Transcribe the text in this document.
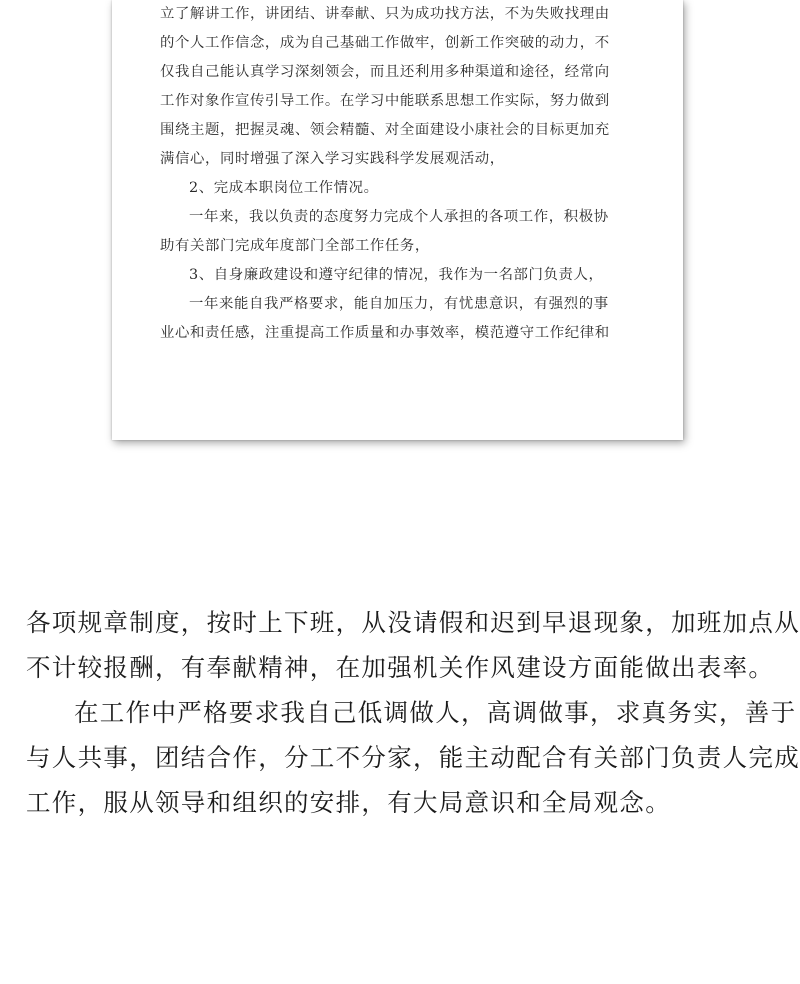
立了解讲工作，讲团结、讲奉献、只为成功找方法，不为失败找理由
的个人工作信念，成为自己基础工作做牢，创新工作突破的动力，不
仅我自己能认真学习深刻领会，而且还利用多种渠道和途径，经常向
工作对象作宣传引导工作。在学习中能联系思想工作实际，努力做到
围绕主题，把握灵魂、领会精髓、对全面建设小康社会的目标更加充
满信心，同时增强了深入学习实践科学发展观活动，
2、完成本职岗位工作情况。
一年来，我以负责的态度努力完成个人承担的各项工作，积极协
助有关部门完成年度部门全部工作任务，
3、自身廉政建设和遵守纪律的情况，我作为一名部门负责人，
一年来能自我严格要求，能自加压力，有忧患意识，有强烈的事
业心和责任感，注重提高工作质量和办事效率，模范遵守工作纪律和
各项规章制度，按时上下班，从没请假和迟到早退现象，加班加点从
不计较报酬，有奉献精神，在加强机关作风建设方面能做出表率。
在工作中严格要求我自己低调做人，高调做事，求真务实，善于
与人共事，团结合作，分工不分家，能主动配合有关部门负责人完成
工作，服从领导和组织的安排，有大局意识和全局观念。
